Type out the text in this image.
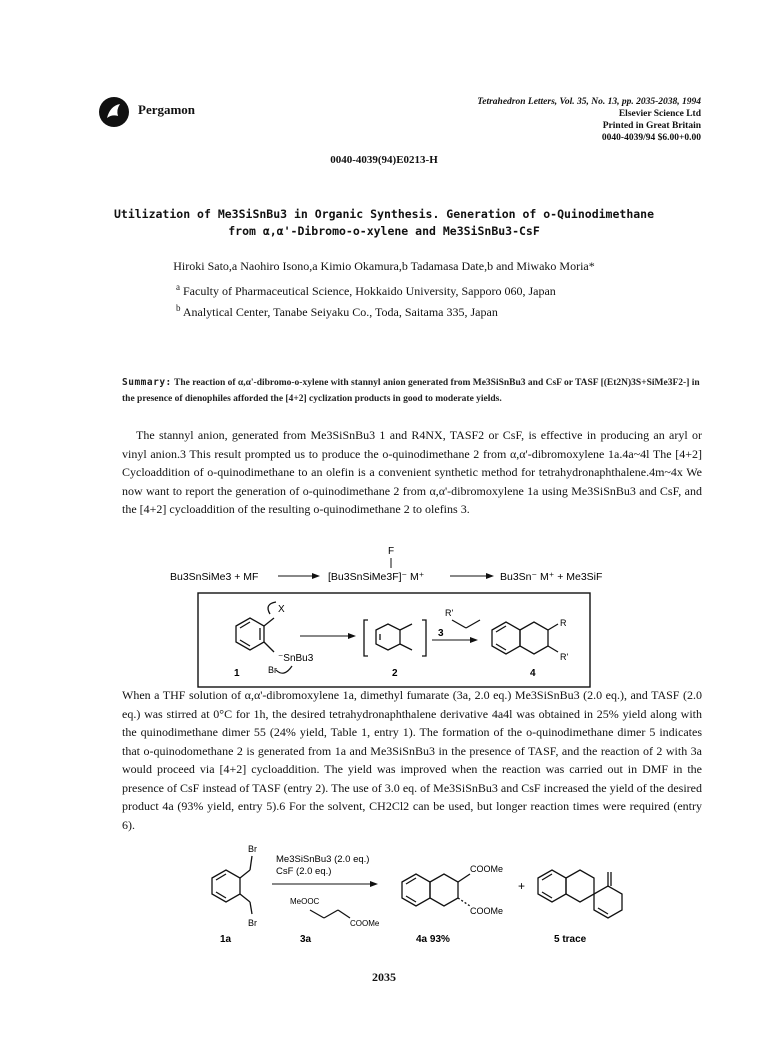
Pergamon	Tetrahedron Letters, Vol. 35, No. 13, pp. 2035-2038, 1994
Elsevier Science Ltd
Printed in Great Britain
0040-4039/94 $6.00+0.00
0040-4039(94)E0213-H
Utilization of Me3SiSnBu3 in Organic Synthesis. Generation of o-Quinodimethane
from α,α'-Dibromo-o-xylene and Me3SiSnBu3-CsF
Hiroki Sato,a Naohiro Isono,a Kimio Okamura,b Tadamasa Date,b and Miwako Moria*
$^a$ Faculty of Pharmaceutical Science, Hokkaido University, Sapporo 060, Japan
$^b$ Analytical Center, Tanabe Seiyaku Co., Toda, Saitama 335, Japan
Summary: The reaction of α,α'-dibromo-o-xylene with stannyl anion generated from Me3SiSnBu3 and CsF or TASF [(Et2N)3S+SiMe3F2-] in the presence of dienophiles afforded the [4+2] cyclization products in good to moderate yields.

The stannyl anion, generated from Me3SiSnBu3 1 and R4NX, TASF2 or CsF, is effective in producing an aryl or vinyl anion.3 This result prompted us to produce the o-quinodimethane 2 from α,α'-dibromoxylene 1a.4a~4l The [4+2] Cycloaddition of o-quinodimethane to an olefin is a convenient synthetic method for tetrahydronaphthalene.4m~4x We now want to report the generation of o-quinodimethane 2 from α,α'-dibromoxylene 1a using Me3SiSnBu3 and CsF, and the [4+2] cycloaddition of the resulting o-quinodimethane 2 to olefins 3.

Bu3SnSiMe3 + MF
F
[Bu3SnSiMe3F]⁻ M⁺	Bu3Sn⁻ M⁺ + Me3SiF
X
Br
⁻SnBu3
1	2
R'
3
R
R'
4

When a THF solution of α,α'-dibromoxylene 1a, dimethyl fumarate (3a, 2.0 eq.) Me3SiSnBu3 (2.0 eq.), and TASF (2.0 eq.) was stirred at 0°C for 1h, the desired tetrahydronaphthalene derivative 4a4l was obtained in 25% yield along with the quinodimethane dimer 55 (24% yield, Table 1, entry 1). The formation of the o-quinodimethane dimer 5 indicates that o-quinodomethane 2 is generated from 1a and Me3SiSnBu3 in the presence of TASF, and the reaction of 2 with 3a would proceed via [4+2] cycloaddition. The yield was improved when the reaction was carried out in DMF in the presence of CsF instead of TASF (entry 2). The use of 3.0 eq. of Me3SiSnBu3 and CsF increased the yield of the desired product 4a (93% yield, entry 5).6 For the solvent, CH2Cl2 can be used, but longer reaction times were required (entry 6).

Br
Br
1a
Me3SiSnBu3 (2.0 eq.)
CsF (2.0 eq.)
MeOOC
COOMe
3a
COOMe
COOMe
4a 93%
+
5 trace
2035
